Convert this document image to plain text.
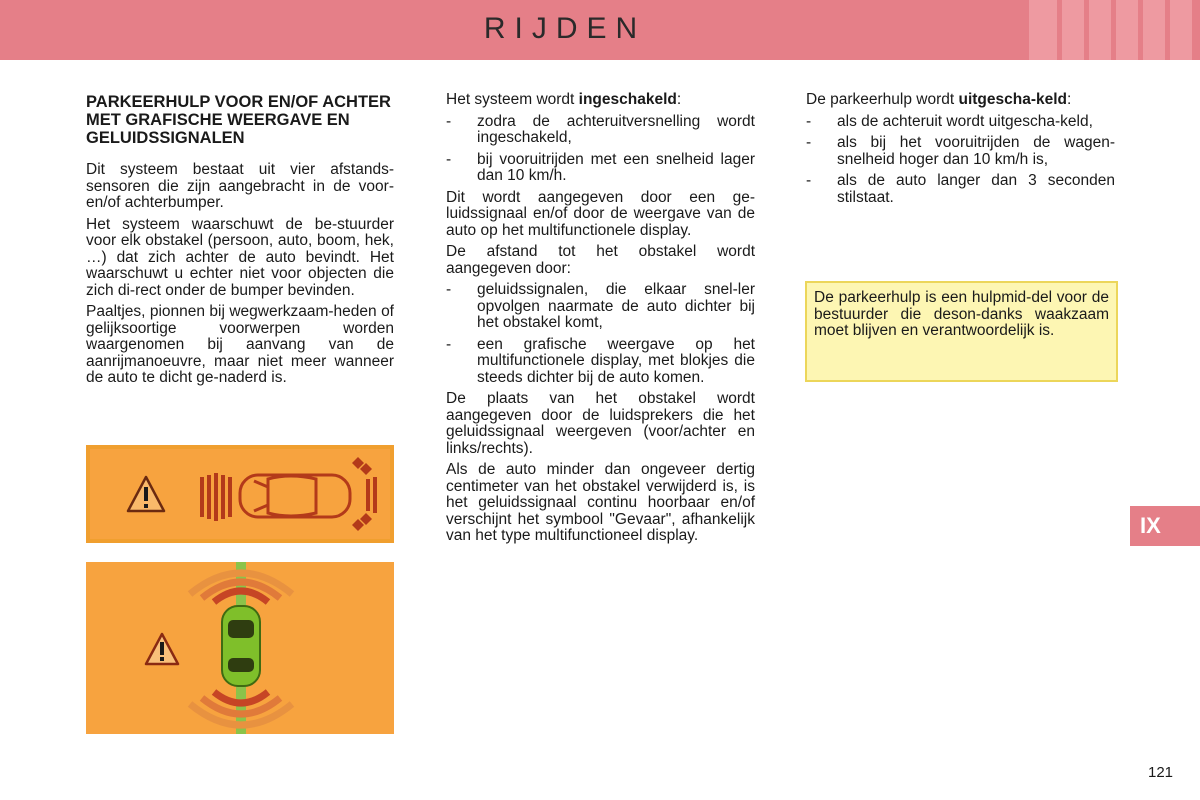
RIJDEN
PARKEERHULP VOOR EN/OF ACHTER MET GRAFISCHE WEERGAVE EN GELUIDSSIGNALEN

Dit systeem bestaat uit vier afstands-sensoren die zijn aangebracht in de voor- en/of achterbumper.

Het systeem waarschuwt de be-stuurder voor elk obstakel (persoon, auto, boom, hek, …) dat zich achter de auto bevindt. Het waarschuwt u echter niet voor objecten die zich di-rect onder de bumper bevinden.

Paaltjes, pionnen bij wegwerkzaam-heden of gelijksoortige voorwerpen worden waargenomen bij aanvang van de aanrijmanoeuvre, maar niet meer wanneer de auto te dicht ge-naderd is.

Het systeem wordt ingeschakeld:

- zodra de achteruitversnelling wordt ingeschakeld,
- bij vooruitrijden met een snelheid lager dan 10 km/h.

Dit wordt aangegeven door een ge-luidssignaal en/of door de weergave van de auto op het multifunctionele display.

De afstand tot het obstakel wordt aangegeven door:

- geluidssignalen, die elkaar snel-ler opvolgen naarmate de auto dichter bij het obstakel komt,
- een grafische weergave op het multifunctionele display, met blokjes die steeds dichter bij de auto komen.

De plaats van het obstakel wordt aangegeven door de luidsprekers die het geluidssignaal weergeven (voor/achter en links/rechts).

Als de auto minder dan ongeveer dertig centimeter van het obstakel verwijderd is, is het geluidssignaal continu hoorbaar en/of verschijnt het symbool "Gevaar", afhankelijk van het type multifunctioneel display.

De parkeerhulp wordt uitgescha-keld:

- als de achteruit wordt uitgescha-keld,
- als bij het vooruitrijden de wagen-snelheid hoger dan 10 km/h is,
- als de auto langer dan 3 seconden stilstaat.
De parkeerhulp is een hulpmid-del voor de bestuurder die deson-danks waakzaam moet blijven en verantwoordelijk is.
IX
121
